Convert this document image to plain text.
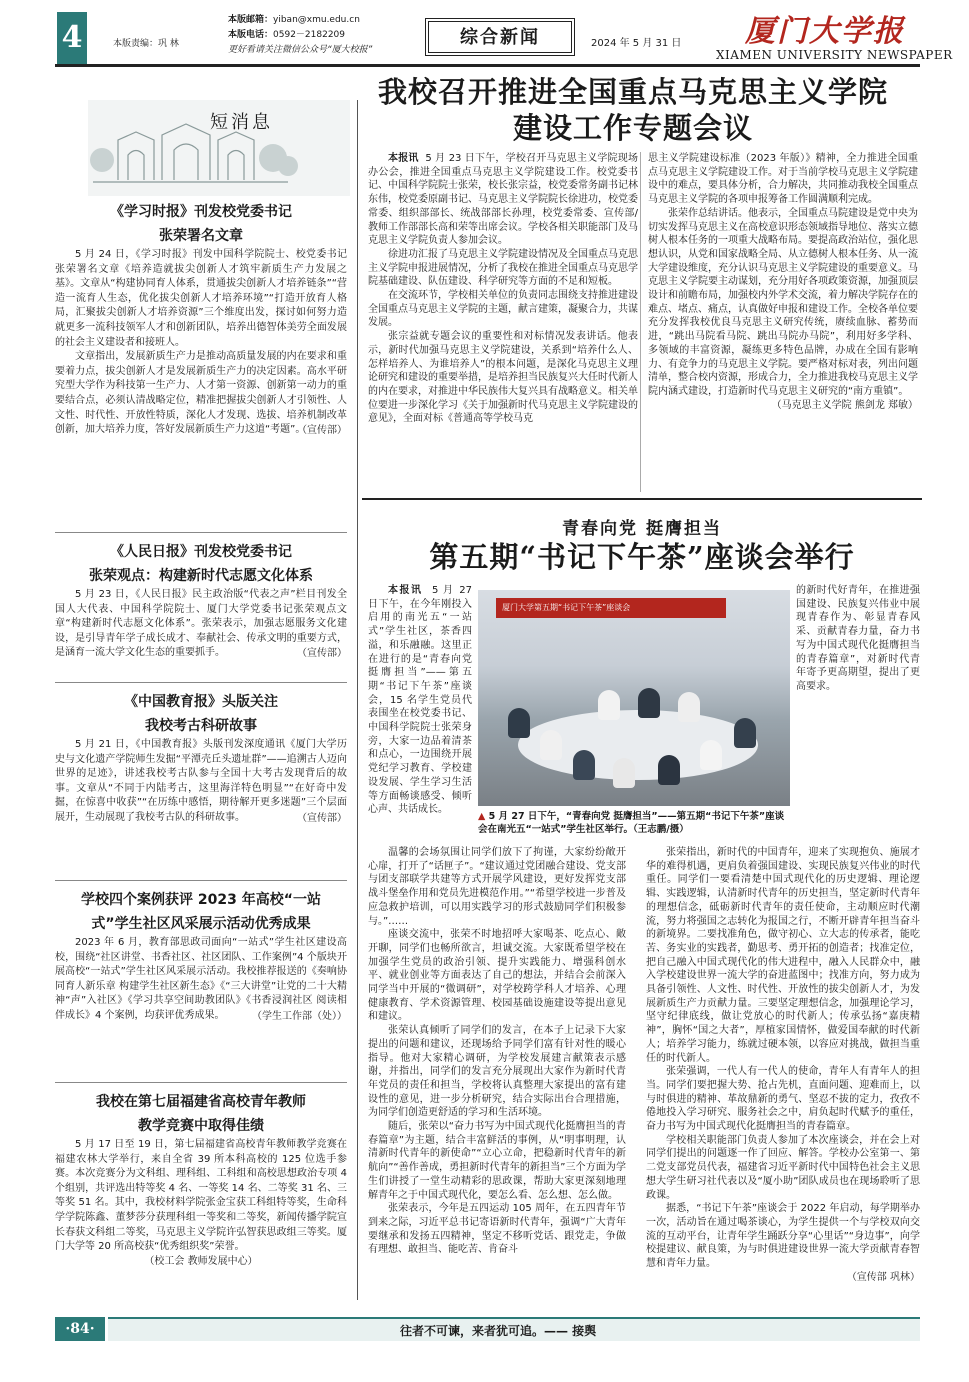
4	本版责编：巩 林
本版邮箱：yiban@xmu.edu.cn
本版电话：0592－2182209
更好看请关注微信公众号“厦大校报”
综合新闻	2024 年 5 月 31 日 厦门大学报
XIAMEN UNIVERSITY NEWSPAPER
短消息
《学习时报》刊发校党委书记
张荣署名文章

5 月 24 日，《学习时报》刊发中国科学院院士、校党委书记张荣署名文章《培养造就拔尖创新人才筑牢新质生产力发展之基》。文章从“构建协同育人体系，贯通拔尖创新人才培养链条”“营造一流育人生态，优化拔尖创新人才培养环境”“打造开放育人格局，汇聚拔尖创新人才培养资源”三个维度出发，探讨如何努力造就更多一流科技领军人才和创新团队，培养出德智体美劳全面发展的社会主义建设者和接班人。

文章指出，发展新质生产力是推动高质量发展的内在要求和重要着力点，拔尖创新人才是发展新质生产力的决定因素。高水平研究型大学作为科技第一生产力、人才第一资源、创新第一动力的重要结合点，必须认清战略定位，精准把握拔尖创新人才引领性、人文性、时代性、开放性特质，深化人才发现、选拔、培养机制改革创新，加大培养力度，答好发展新质生产力这道“考题”。

（宣传部）

《人民日报》刊发校党委书记
张荣观点：构建新时代志愿文化体系

5 月 23 日，《人民日报》民主政治版“代表之声”栏目刊发全国人大代表、中国科学院院士、厦门大学党委书记张荣观点文章“构建新时代志愿文化体系”。张荣表示，加强志愿服务文化建设，是引导青年学子成长成才、奉献社会、传承文明的重要方式，是涵育一流大学文化生态的重要抓手。	（宣传部）

《中国教育报》头版关注
我校考古科研故事

5 月 21 日，《中国教育报》头版刊发深度通讯《厦门大学历史与文化遗产学院师生发掘“平潭壳丘头遗址群”——追溯古人迈向世界的足迹》，讲述我校考古队参与全国十大考古发现背后的故事。文章从“不同于内陆考古，这里海洋特色明显”“在好奇中发掘，在惊喜中收获”“在历练中感悟，期待解开更多迷题”三个层面展开，生动展现了我校考古队的科研故事。	（宣传部）

学校四个案例获评 2023 年高校“一站
式”学生社区风采展示活动优秀成果

2023 年 6 月，教育部思政司面向“一站式”学生社区建设高校，围绕“社区讲堂、书香社区、社区团队、工作案例”4 个版块开展高校“一站式”学生社区风采展示活动。我校推荐报送的《奏响协同育人新乐章 构建学生社区新生态》《“三大讲堂”让党的二十大精神“声”入社区》《学习共享空间助教团队》《书香浸润社区 阅读相伴成长》4 个案例，均获评优秀成果。	（学生工作部（处））

我校在第七届福建省高校青年教师
教学竞赛中取得佳绩

5 月 17 日至 19 日，第七届福建省高校青年教师教学竞赛在福建农林大学举行，来自全省 39 所本科高校的 125 位选手参赛。本次竞赛分为文科组、理科组、工科组和高校思想政治专项 4 个组别，共评选出特等奖 4 名、一等奖 14 名、二等奖 31 名、三等奖 51 名。其中，我校材料学院张金宝获工科组特等奖，生命科学学院陈鑫、董梦莎分获理科组一等奖和二等奖，新闻传播学院宣长春获文科组二等奖，马克思主义学院许弘智获思政组三等奖。厦门大学等 20 所高校获“优秀组织奖”荣誉。

（校工会 教师发展中心）

我校召开推进全国重点马克思主义学院
建设工作专题会议

本报讯 5 月 23 日下午，学校召开马克思主义学院现场办公会，推进全国重点马克思主义学院建设工作。校党委书记、中国科学院院士张荣，校长张宗益，校党委常务副书记林东伟，校党委原副书记、马克思主义学院院长徐进功，校党委常委、组织部部长、统战部部长孙理，校党委常委、宣传部/教师工作部部长高和荣等出席会议。学校各相关职能部门及马克思主义学院负责人参加会议。

徐进功汇报了马克思主义学院建设情况及全国重点马克思主义学院申报进展情况，分析了我校在推进全国重点马克思学院基础建设、队伍建设、科学研究等方面的不足和短板。

在交流环节，学校相关单位的负责同志围绕支持推进建设全国重点马克思主义学院的主题，献言建策，凝聚合力，共谋发展。

张宗益就专题会议的重要性和对标情况发表讲话。他表示，新时代加强马克思主义学院建设，关系到“培养什么人、怎样培养人、为谁培养人”的根本问题，是深化马克思主义理论研究和建设的重要举措，是培养担当民族复兴大任时代新人的内在要求，对推进中华民族伟大复兴具有战略意义。相关单位要进一步深化学习《关于加强新时代马克思主义学院建设的意见》，全面对标《普通高等学校马克

思主义学院建设标准（2023 年版）》精神，全力推进全国重点马克思主义学院建设工作。对于当前学校马克思主义学院建设中的难点，要具体分析，合力解决，共同推动我校全国重点马克思主义学院的各项申报筹备工作圆满顺利完成。

张荣作总结讲话。他表示，全国重点马院建设是党中央为切实发挥马克思主义在高校意识形态领域指导地位、落实立德树人根本任务的一项重大战略布局。要提高政治站位，强化思想认识，从党和国家战略全局、从立德树人根本任务、从一流大学建设维度，充分认识马克思主义学院建设的重要意义。马克思主义学院要主动谋划，充分用好各项政策资源，加强顶层设计和前瞻布局，加强校内外学术交流，着力解决学院存在的难点、堵点、痛点，认真做好申报和建设工作。全校各单位要充分发挥我校优良马克思主义研究传统，赓续血脉、蓄势而进，“跳出马院看马院、跳出马院办马院”，利用好多学科、多领域的丰富资源，凝练更多特色品牌，办成在全国有影响力、有竞争力的马克思主义学院。要严格对标对表，列出问题清单，整合校内资源，形成合力，全力推进我校马克思主义学院内涵式建设，打造新时代马克思主义研究的“南方重镇”。

（马克思主义学院 熊剑龙 郑敏）

青春向党 挺膺担当
第五期“书记下午茶”座谈会举行

本报讯 5 月 27 日下午，在今年刚投入启用的南光五“一站式”学生社区，茶香四溢，和乐融融。这里正在进行的是“青春向党 挺膺担当”——第五期“书记下午茶”座谈会，15 名学生党员代表围坐在校党委书记、中国科学院院士张荣身旁，大家一边品着清茶和点心，一边围绕开展党纪学习教育、学校建设发展、学生学习生活等方面畅谈感受、倾听心声、共话成长。

厦门大学第五期“书记下午茶”座谈会
▲ 5 月 27 日下午，“青春向党 挺膺担当”——第五期“书记下午茶”座谈会在南光五“一站式”学生社区举行。（王志鹏/摄）

温馨的会场氛围让同学们放下了拘谨，大家纷纷敞开心扉，打开了“话匣子”。“建议通过党团融合建设、党支部与团支部联学共建等方式开展学风建设，更好发挥党支部战斗堡垒作用和党员先进模范作用。”“希望学校进一步普及应急救护培训，可以用实践学习的形式鼓励同学们积极参与。”……

座谈交流中，张荣不时地招呼大家喝茶、吃点心、敞开聊，同学们也畅所欲言，坦诚交流。大家既希望学校在加强学生党员的政治引领、提升实践能力、增强科创水平、就业创业等方面表达了自己的想法，并结合会前深入同学当中开展的“微调研”，对学校跨学科人才培养、心理健康教育、学术资源管理、校园基础设施建设等提出意见和建议。

张荣认真倾听了同学们的发言，在本子上记录下大家提出的问题和建议，还现场给予同学们富有针对性的暖心指导。他对大家精心调研，为学校发展建言献策表示感谢，并指出，同学们的发言充分展现出大家作为新时代青年党员的责任和担当，学校将认真整理大家提出的富有建设性的意见，进一步分析研究，结合实际出台合理措施，为同学们创造更舒适的学习和生活环境。

随后，张荣以“奋力书写为中国式现代化挺膺担当的青春篇章”为主题，结合丰富鲜活的事例，从“明事明理，认清新时代青年的新使命”“立心立命，把稳新时代青年的新航向”“善作善成，勇担新时代青年的新担当”三个方面为学生们讲授了一堂生动精彩的思政课，帮助大家更深刻地理解青年之于中国式现代化，要怎么看、怎么想、怎么做。

张荣表示，今年是五四运动 105 周年，在五四青年节到来之际，习近平总书记寄语新时代青年，强调“广大青年要继承和发扬五四精神，坚定不移听党话、跟党走，争做有理想、敢担当、能吃苦、肯奋斗

的新时代好青年，在推进强国建设、民族复兴伟业中展现青春作为、彰显青春风采、贡献青春力量，奋力书写为中国式现代化挺膺担当的青春篇章”，对新时代青年寄予更高期望，提出了更高要求。

张荣指出，新时代的中国青年，迎来了实现抱负、施展才华的难得机遇，更肩负着强国建设、实现民族复兴伟业的时代重任。同学们一要看清楚中国式现代化的历史逻辑、理论逻辑、实践逻辑，认清新时代青年的历史担当，坚定新时代青年的理想信念，砥砺新时代青年的责任使命，主动顺应时代潮流，努力将强国之志转化为报国之行，不断开辟青年担当奋斗的新境界。二要找准角色，做守初心、立大志的传承者，能吃苦、务实业的实践者，勤思考、勇开拓的创造者；找准定位，把自己融入中国式现代化的伟大进程中，融入人民群众中，融入学校建设世界一流大学的奋进蓝图中；找准方向，努力成为具备引领性、人文性、时代性、开放性的拔尖创新人才，为发展新质生产力贡献力量。三要坚定理想信念，加强理论学习，坚守纪律底线，做让党放心的时代新人；传承弘扬“嘉庚精神”，胸怀“国之大者”，厚植家国情怀，做爱国奉献的时代新人；培养学习能力，练就过硬本领，以容应对挑战，做担当重任的时代新人。

张荣强调，一代人有一代人的使命，青年人有青年人的担当。同学们要把握大势、抢占先机，直面问题、迎难而上，以与时俱进的精神、革故鼎新的勇气、坚忍不拔的定力，孜孜不倦地投入学习研究、服务社会之中，肩负起时代赋予的重任，奋力书写为中国式现代化挺膺担当的青春篇章。

学校相关职能部门负责人参加了本次座谈会，并在会上对同学们提出的问题逐一作了回应、解答。学校办公室第一、第二党支部党员代表，福建省习近平新时代中国特色社会主义思想大学生研习社代表以及“厦小助”团队成员也在现场聆听了思政课。

据悉，“书记下午茶”座谈会于 2022 年启动，每学期举办一次，活动旨在通过喝茶谈心，为学生提供一个与学校双向交流的互动平台，让青年学生踊跃分享“心里话”“身边事”，向学校提建议、献良策，为与时俱进建设世界一流大学贡献青春智慧和青年力量。

（宣传部 巩林）

·84·	往者不可谏，来者犹可追。—— 接舆
